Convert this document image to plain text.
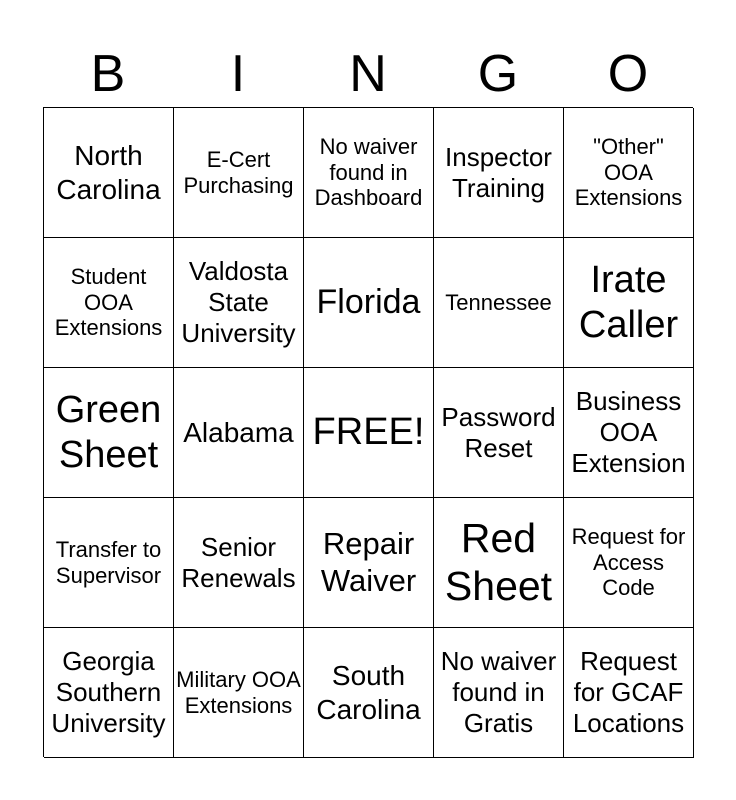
B	I	N	G	O
North Carolina
E-Cert Purchasing
No waiver found in Dashboard
Inspector Training
"Other" OOA Extensions
Student OOA Extensions
Valdosta State University
Florida	Tennessee
Irate Caller
Green Sheet
Alabama FREE! Password Reset
Business OOA Extension
Transfer to Supervisor
Senior Renewals
Repair Waiver
Red Sheet
Request for Access Code
Georgia Southern University
Military OOA Extensions
South Carolina
No waiver found in Gratis
Request for GCAF Locations
